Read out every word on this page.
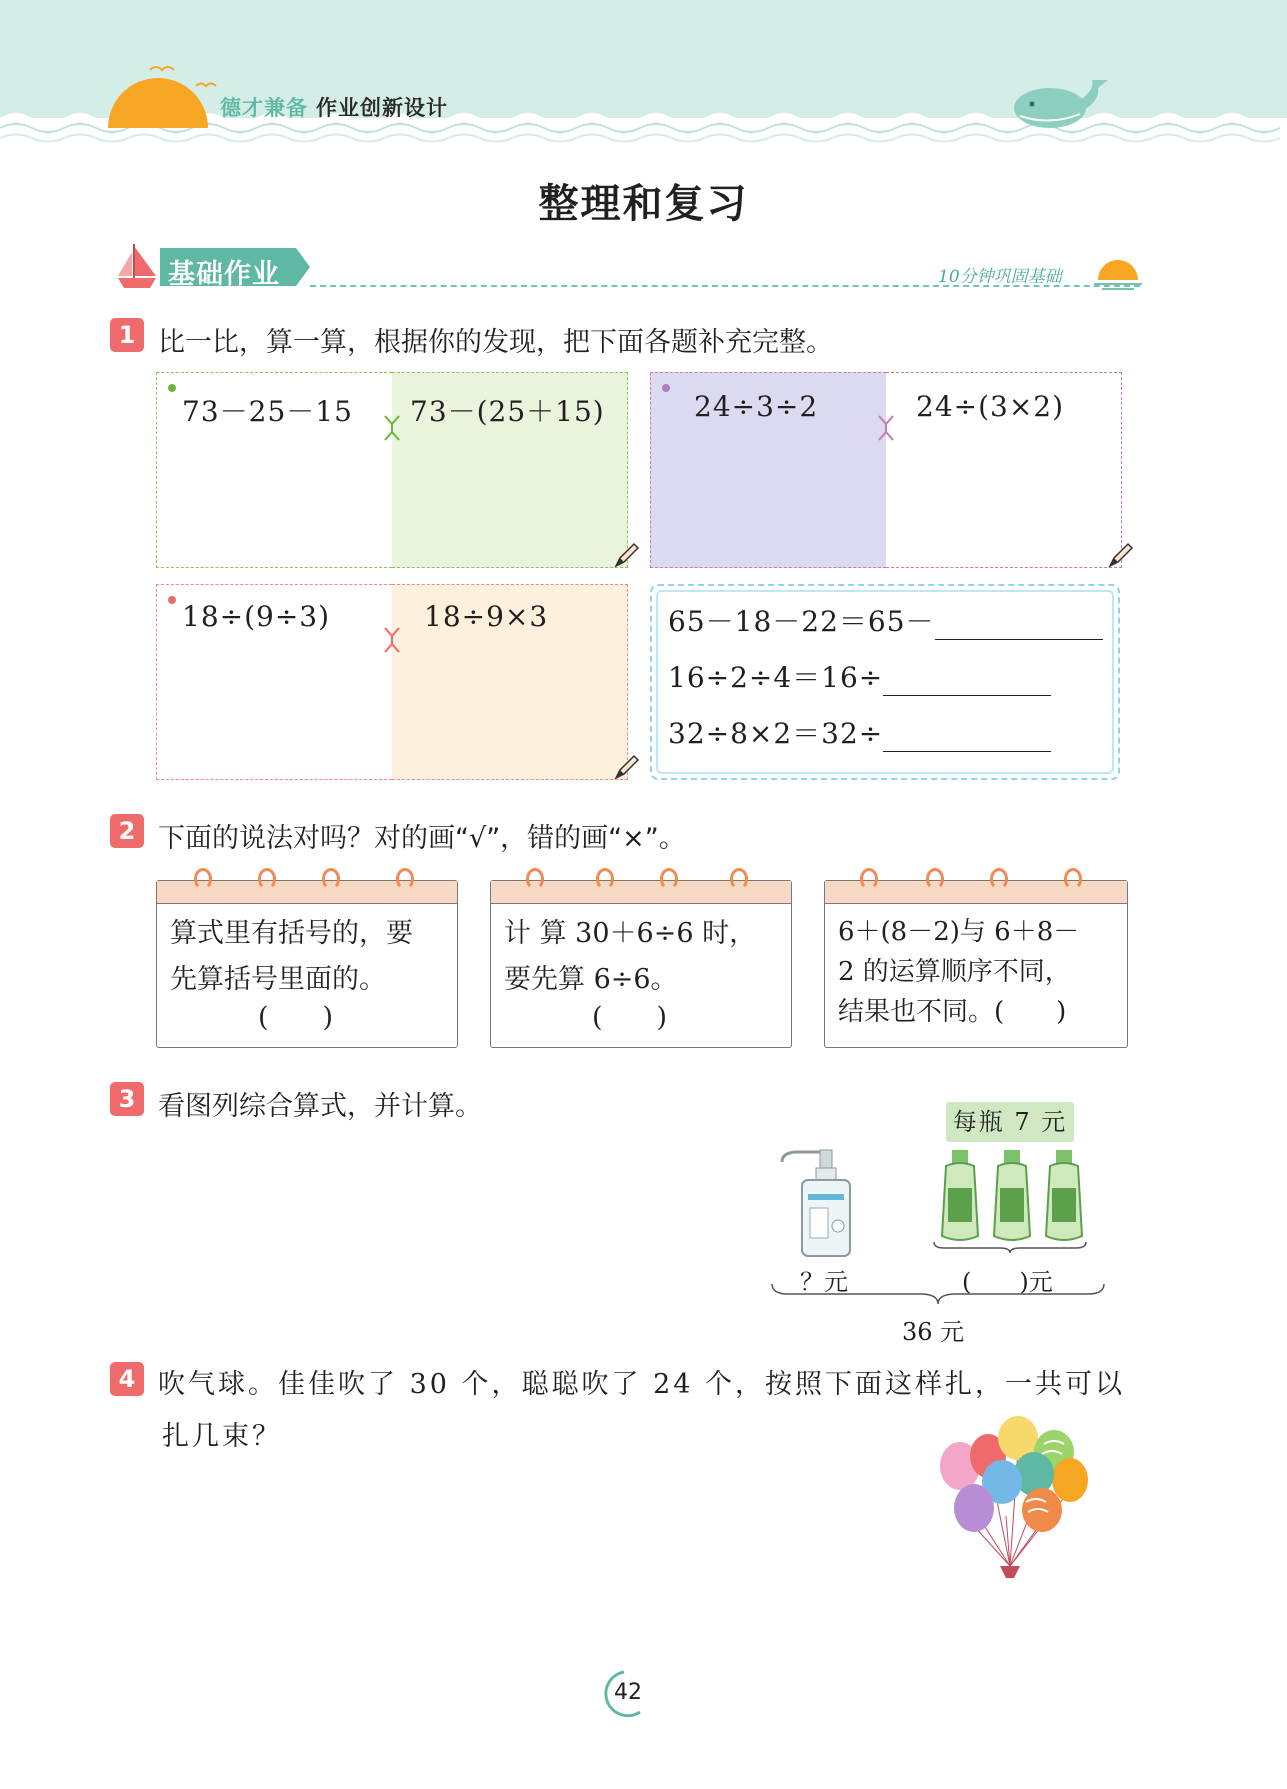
德才兼备 作业创新设计
整理和复习
基础作业	10分钟巩固基础
1 比一比，算一算，根据你的发现，把下面各题补充完整。
73－25－15 73－(25＋15)	24÷3÷2	24÷(3×2)
18÷(9÷3)	18÷9×3	65－18－22＝65－
16÷2÷4＝16÷
32÷8×2＝32÷
2 下面的说法对吗？对的画“√”，错的画“×”。
算式里有括号的，要
先算括号里面的。
(　　)
计 算 30＋6÷6 时，
要先算 6÷6。
(　　)
6＋(8－2)与 6＋8－
2 的运算顺序不同，
结果也不同。(　　)
3 看图列综合算式，并计算。	每瓶 7 元
？元	(　　)元
36 元
4 吹气球。佳佳吹了 30 个，聪聪吹了 24 个，按照下面这样扎，一共可以
扎几束？
42
